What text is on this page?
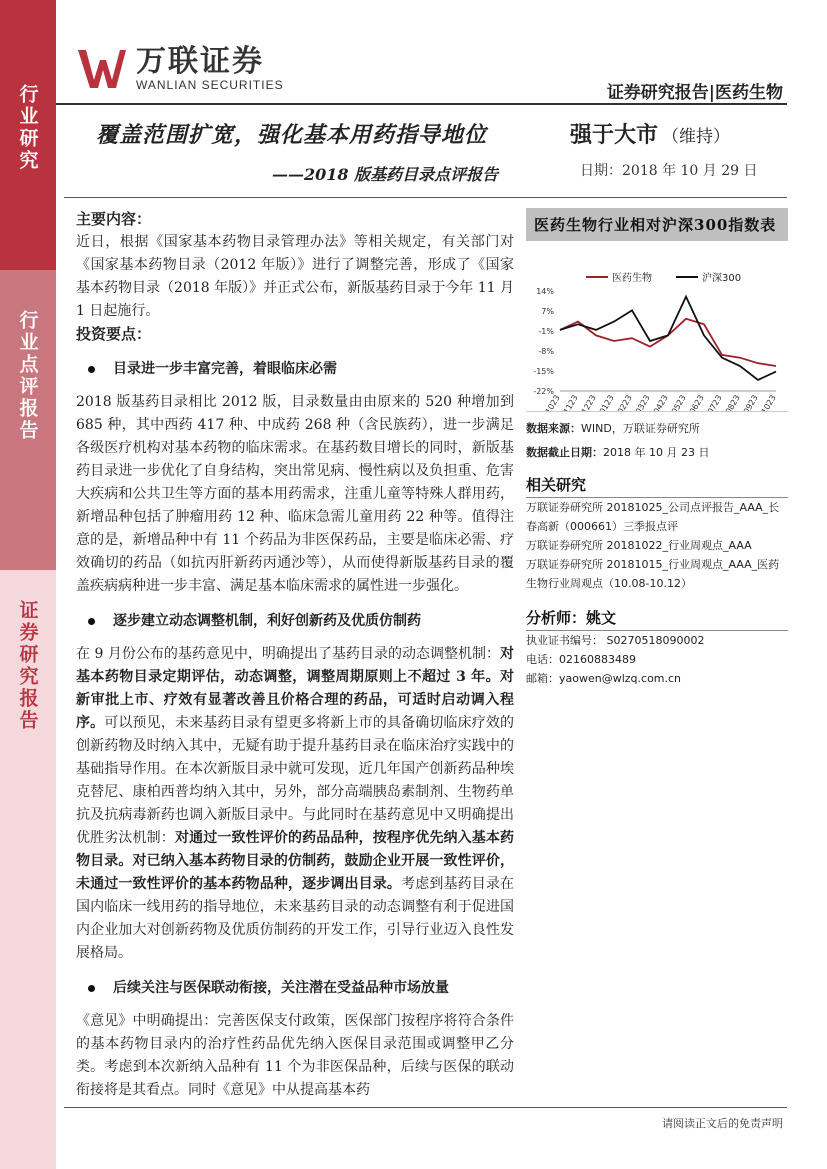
行业研究
行业点评报告
证券研究报告
万联证券
WANLIAN SECURITIES	证券研究报告|医药生物
覆盖范围扩宽，强化基本用药指导地位
——2018 版基药目录点评报告
强于大市 （维持）
日期：2018 年 10 月 29 日
主要内容：

近日，根据《国家基本药物目录管理办法》等相关规定，有关部门对《国家基本药物目录（2012 年版）》进行了调整完善，形成了《国家基本药物目录（2018 年版）》并正式公布，新版基药目录于今年 11 月 1 日起施行。

投资要点：
目录进一步丰富完善，着眼临床必需

2018 版基药目录相比 2012 版，目录数量由由原来的 520 种增加到 685 种，其中西药 417 种、中成药 268 种（含民族药），进一步满足各级医疗机构对基本药物的临床需求。在基药数目增长的同时，新版基药目录进一步优化了自身结构，突出常见病、慢性病以及负担重、危害大疾病和公共卫生等方面的基本用药需求，注重儿童等特殊人群用药，新增品种包括了肿瘤用药 12 种、临床急需儿童用药 22 种等。值得注意的是，新增品种中有 11 个药品为非医保药品，主要是临床必需、疗效确切的药品（如抗丙肝新药丙通沙等），从而使得新版基药目录的覆盖疾病病种进一步丰富、满足基本临床需求的属性进一步强化。

逐步建立动态调整机制，利好创新药及优质仿制药

在 9 月份公布的基药意见中，明确提出了基药目录的动态调整机制：对基本药物目录定期评估，动态调整，调整周期原则上不超过 3 年。对新审批上市、疗效有显著改善且价格合理的药品，可适时启动调入程序。可以预见，未来基药目录有望更多将新上市的具备确切临床疗效的创新药物及时纳入其中，无疑有助于提升基药目录在临床治疗实践中的基础指导作用。在本次新版目录中就可发现，近几年国产创新药品种埃克替尼、康柏西普均纳入其中，另外，部分高端胰岛素制剂、生物药单抗及抗病毒新药也调入新版目录中。与此同时在基药意见中又明确提出优胜劣汰机制：对通过一致性评价的药品品种，按程序优先纳入基本药物目录。对已纳入基本药物目录的仿制药，鼓励企业开展一致性评价，未通过一致性评价的基本药物品种，逐步调出目录。考虑到基药目录在国内临床一线用药的指导地位，未来基药目录的动态调整有利于促进国内企业加大对创新药物及优质仿制药的开发工作，引导行业迈入良性发展格局。

后续关注与医保联动衔接，关注潜在受益品种市场放量

《意见》中明确提出：完善医保支付政策，医保部门按程序将符合条件的基本药物目录内的治疗性药品优先纳入医保目录范围或调整甲乙分类。考虑到本次新纳入品种有 11 个为非医保品种，后续与医保的联动衔接将是其看点。同时《意见》中从提高基本药

医药生物行业相对沪深300指数表
医药生物	沪深300
14%
7%
-1%
-8%
-15%
-22%
171023
171123
171223
180123
180223
180323
180423
180523
180623
180723
180823
180923
181023
数据来源：WIND，万联证券研究所
数据截止日期：2018 年 10 月 23 日
相关研究
万联证券研究所 20181025_公司点评报告_AAA_长春高新（000661）三季报点评
万联证券研究所 20181022_行业周观点_AAA
万联证券研究所 20181015_行业周观点_AAA_医药生物行业周观点（10.08-10.12）
分析师：姚文
执业证书编号： S0270518090002
电话：02160883489
邮箱：yaowen@wlzq.com.cn
请阅读正文后的免责声明
